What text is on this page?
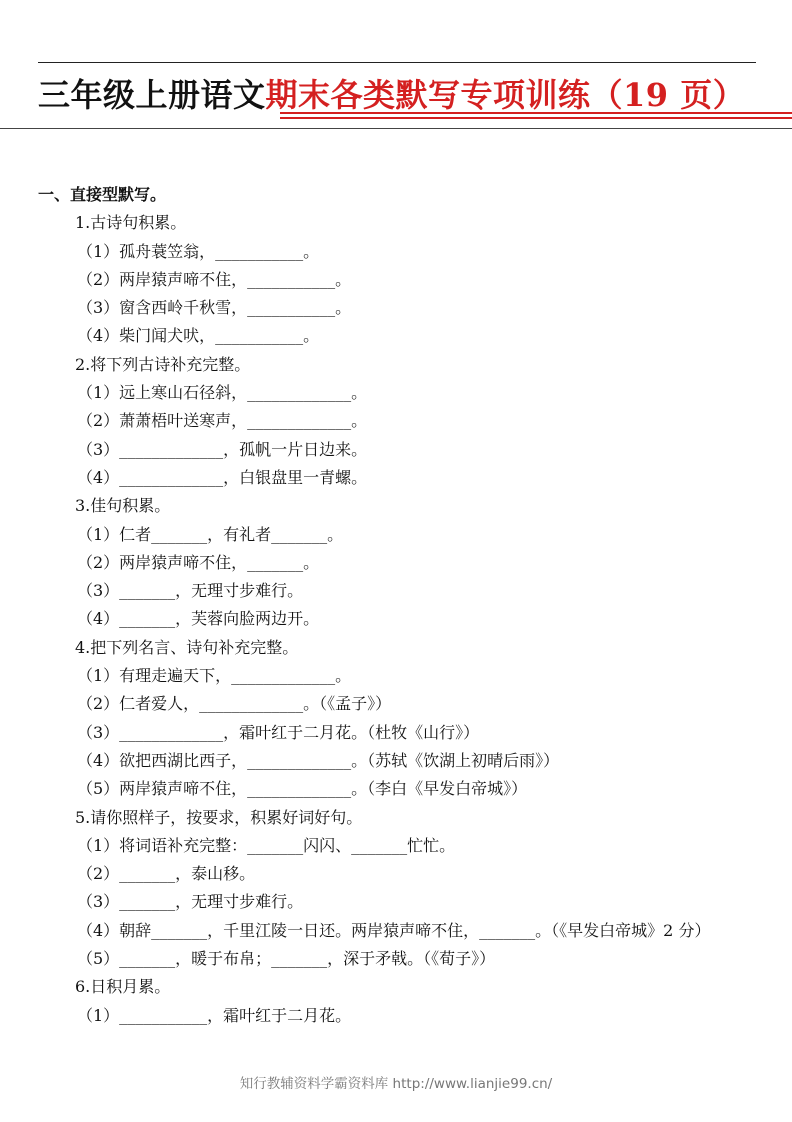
三年级上册语文期末各类默写专项训练（19 页）
一、直接型默写。
1.古诗句积累。
（1）孤舟蓑笠翁，___________。
（2）两岸猿声啼不住，___________。
（3）窗含西岭千秋雪，___________。
（4）柴门闻犬吠，___________。
2.将下列古诗补充完整。
（1）远上寒山石径斜，_____________。
（2）萧萧梧叶送寒声，_____________。
（3）_____________，孤帆一片日边来。
（4）_____________，白银盘里一青螺。
3.佳句积累。
（1）仁者_______，有礼者_______。
（2）两岸猿声啼不住，_______。
（3）_______，无理寸步难行。
（4）_______，芙蓉向脸两边开。
4.把下列名言、诗句补充完整。
（1）有理走遍天下，_____________。
（2）仁者爱人，_____________。（《孟子》）
（3）_____________，霜叶红于二月花。（杜牧《山行》）
（4）欲把西湖比西子，_____________。（苏轼《饮湖上初晴后雨》）
（5）两岸猿声啼不住，_____________。（李白《早发白帝城》）
5.请你照样子，按要求，积累好词好句。
（1）将词语补充完整：_______闪闪、_______忙忙。
（2）_______，泰山移。
（3）_______，无理寸步难行。
（4）朝辞_______，千里江陵一日还。两岸猿声啼不住，_______。（《早发白帝城》2 分）
（5）_______，暖于布帛；_______，深于矛戟。（《荀子》）
6.日积月累。
（1）___________，霜叶红于二月花。
知行教辅资料学霸资料库 http://www.lianjie99.cn/
